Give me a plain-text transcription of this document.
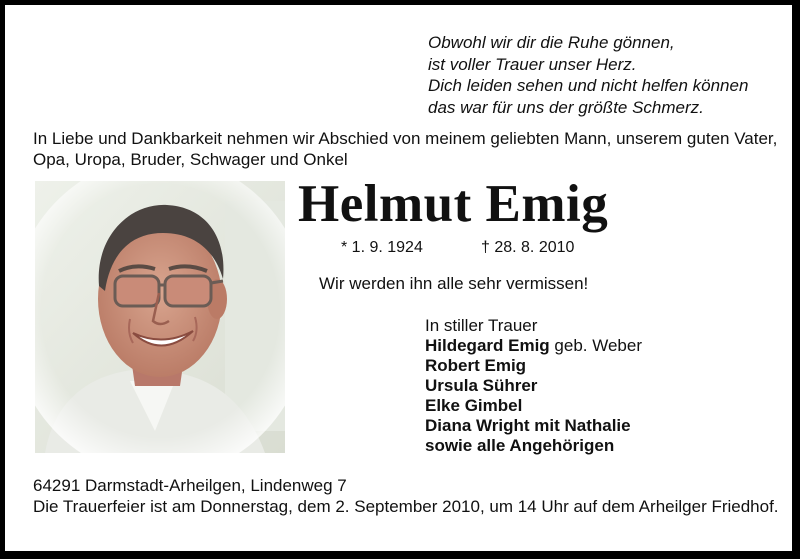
Obwohl wir dir die Ruhe gönnen,
ist voller Trauer unser Herz.
Dich leiden sehen und nicht helfen können
das war für uns der größte Schmerz.
In Liebe und Dankbarkeit nehmen wir Abschied von meinem geliebten Mann, unserem guten Vater, Opa, Uropa, Bruder, Schwager und Onkel
Helmut Emig
* 1. 9. 1924	† 28. 8. 2010
Wir werden ihn alle sehr vermissen!
In stiller Trauer
Hildegard Emig geb. Weber
Robert Emig
Ursula Sührer
Elke Gimbel
Diana Wright mit Nathalie
sowie alle Angehörigen
64291 Darmstadt-Arheilgen, Lindenweg 7
Die Trauerfeier ist am Donnerstag, dem 2. September 2010, um 14 Uhr auf dem Arheilger Friedhof.
